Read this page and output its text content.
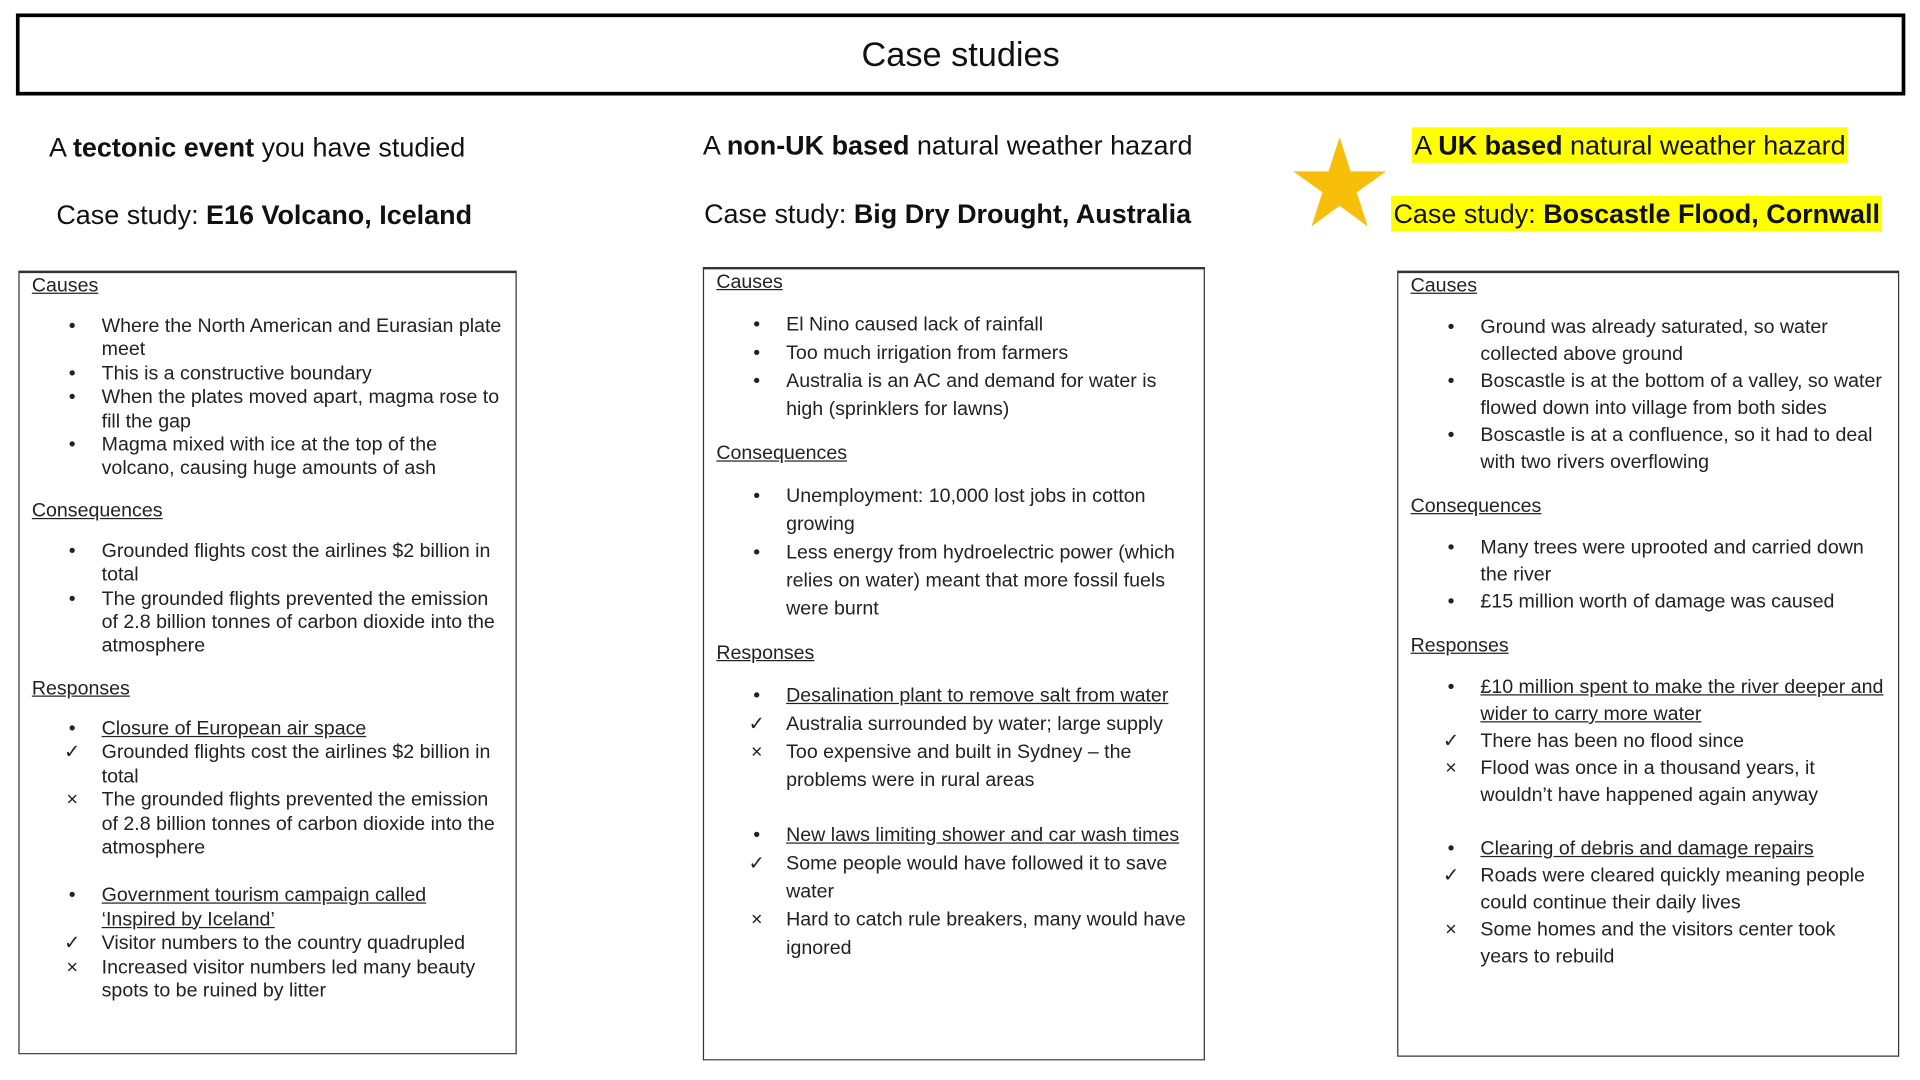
Case studies
A tectonic event you have studied
Case study: E16 Volcano, Iceland
A non-UK based natural weather hazard
Case study: Big Dry Drought, Australia
A UK based natural weather hazard
Case study: Boscastle Flood, Cornwall

Causes

•	Where the North American and Eurasian plate meet
•	This is a constructive boundary
•	When the plates moved apart, magma rose to fill the gap
•	Magma mixed with ice at the top of the volcano, causing huge amounts of ash

Consequences

•	Grounded flights cost the airlines $2 billion in total
•	The grounded flights prevented the emission of 2.8 billion tonnes of carbon dioxide into the atmosphere

Responses

•	Closure of European air space
✓ Grounded flights cost the airlines $2 billion in total
×	The grounded flights prevented the emission of 2.8 billion tonnes of carbon dioxide into the atmosphere
•	Government tourism campaign called ‘Inspired by Iceland’
✓ Visitor numbers to the country quadrupled
×	Increased visitor numbers led many beauty spots to be ruined by litter

Causes

•	El Nino caused lack of rainfall
•	Too much irrigation from farmers
•	Australia is an AC and demand for water is high (sprinklers for lawns)

Consequences

•	Unemployment: 10,000 lost jobs in cotton growing
•	Less energy from hydroelectric power (which relies on water) meant that more fossil fuels were burnt

Responses

•	Desalination plant to remove salt from water
✓ Australia surrounded by water; large supply
×	Too expensive and built in Sydney – the problems were in rural areas
•	New laws limiting shower and car wash times
✓ Some people would have followed it to save water
×	Hard to catch rule breakers, many would have ignored

Causes

•	Ground was already saturated, so water collected above ground
•	Boscastle is at the bottom of a valley, so water flowed down into village from both sides
•	Boscastle is at a confluence, so it had to deal with two rivers overflowing

Consequences

•	Many trees were uprooted and carried down the river
•	£15 million worth of damage was caused

Responses

•	£10 million spent to make the river deeper and wider to carry more water
✓ There has been no flood since
×	Flood was once in a thousand years, it wouldn’t have happened again anyway
•	Clearing of debris and damage repairs
✓ Roads were cleared quickly meaning people could continue their daily lives
×	Some homes and the visitors center took years to rebuild
